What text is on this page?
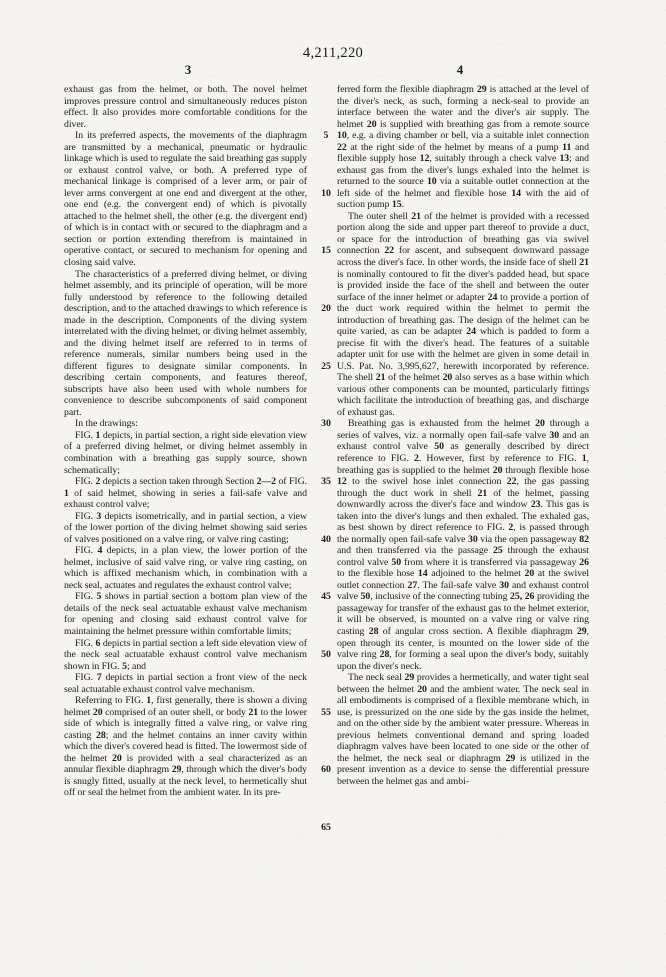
4,211,220
3	4
5
10
15
20
25
30
35
40
45
50
55
60
65

exhaust gas from the helmet, or both. The novel helmet improves pressure control and simultaneously reduces piston effect. It also provides more comfortable conditions for the diver.

In its preferred aspects, the movements of the diaphragm are transmitted by a mechanical, pneumatic or hydraulic linkage which is used to regulate the said breathing gas supply or exhaust control valve, or both. A preferred type of mechanical linkage is comprised of a lever arm, or pair of lever arms convergent at one end and divergent at the other, one end (e.g. the convergent end) of which is pivotally attached to the helmet shell, the other (e.g. the divergent end) of which is in contact with or secured to the diaphragm and a section or portion extending therefrom is maintained in operative contact, or secured to mechanism for opening and closing said valve.

The characteristics of a preferred diving helmet, or diving helmet assembly, and its principle of operation, will be more fully understood by reference to the following detailed description, and to the attached drawings to which reference is made in the description. Components of the diving system interrelated with the diving helmet, or diving helmet assembly, and the diving helmet itself are referred to in terms of reference numerals, similar numbers being used in the different figures to designate similar components. In describing certain components, and features thereof, subscripts have also been used with whole numbers for convenience to describe subcomponents of said component part.

In the drawings:

FIG. 1 depicts, in partial section, a right side elevation view of a preferred diving helmet, or diving helmet assembly in combination with a breathing gas supply source, shown schematically;

FIG. 2 depicts a section taken through Section 2—2 of FIG. 1 of said helmet, showing in series a fail-safe valve and exhaust control valve;

FIG. 3 depicts isometrically, and in partial section, a view of the lower portion of the diving helmet showing said series of valves positioned on a valve ring, or valve ring casting;

FIG. 4 depicts, in a plan view, the lower portion of the helmet, inclusive of said valve ring, or valve ring casting, on which is affixed mechanism which, in combination with a neck seal, actuates and regulates the exhaust control valve;

FIG. 5 shows in partial section a bottom plan view of the details of the neck seal actuatable exhaust valve mechanism for opening and closing said exhaust control valve for maintaining the helmet pressure within comfortable limits;

FIG. 6 depicts in partial section a left side elevation view of the neck seal actuatable exhaust control valve mechanism shown in FIG. 5; and

FIG. 7 depicts in partial section a front view of the neck seal actuatable exhaust control valve mechanism.

Referring to FIG. 1, first generally, there is shown a diving helmet 20 comprised of an outer shell, or body 21 to the lower side of which is integrally fitted a valve ring, or valve ring casting 28; and the helmet contains an inner cavity within which the diver's covered head is fitted. The lowermost side of the helmet 20 is provided with a seal characterized as an annular flexible diaphragm 29, through which the diver's body is snugly fitted, usually at the neck level, to hermetically shut off or seal the helmet from the ambient water. In its pre-

ferred form the flexible diaphragm 29 is attached at the level of the diver's neck, as such, forming a neck-seal to provide an interface between the water and the diver's air supply. The helmet 20 is supplied with breathing gas from a remote source 10, e.g. a diving chamber or bell, via a suitable inlet connection 22 at the right side of the helmet by means of a pump 11 and flexible supply hose 12, suitably through a check valve 13; and exhaust gas from the diver's lungs exhaled into the helmet is returned to the source 10 via a suitable outlet connection at the left side of the helmet and flexible hose 14 with the aid of suction pump 15.

The outer shell 21 of the helmet is provided with a recessed portion along the side and upper part thereof to provide a duct, or space for the introduction of breathing gas via swivel connection 22 for ascent, and subsequent downward passage across the diver's face. In other words, the inside face of shell 21 is nominally contoured to fit the diver's padded head, but space is provided inside the face of the shell and between the outer surface of the inner helmet or adapter 24 to provide a portion of the duct work required within the helmet to permit the introduction of breathing gas. The design of the helmet can be quite varied, as can be adapter 24 which is padded to form a precise fit with the diver's head. The features of a suitable adapter unit for use with the helmet are given in some detail in U.S. Pat. No. 3,995,627, herewith incorporated by reference. The shell 21 of the helmet 20 also serves as a base within which various other components can be mounted, particularly fittings which facilitate the introduction of breathing gas, and discharge of exhaust gas.

Breathing gas is exhausted from the helmet 20 through a series of valves, viz. a normally open fail-safe valve 30 and an exhaust control valve 50 as generally described by direct reference to FIG. 2. However, first by reference to FIG. 1, breathing gas is supplied to the helmet 20 through flexible hose 12 to the swivel hose inlet connection 22, the gas passing through the duct work in shell 21 of the helmet, passing downwardly across the diver's face and window 23. This gas is taken into the diver's lungs and then exhaled. The exhaled gas, as best shown by direct reference to FIG. 2, is passed through the normally open fail-safe valve 30 via the open passageway 82 and then transferred via the passage 25 through the exhaust control valve 50 from where it is transferred via passageway 26 to the flexible hose 14 adjoined to the helmet 20 at the swivel outlet connection 27. The fail-safe valve 30 and exhaust control valve 50, inclusive of the connecting tubing 25, 26 providing the passageway for transfer of the exhaust gas to the helmet exterior, it will be observed, is mounted on a valve ring or valve ring casting 28 of angular cross section. A flexible diaphragm 29, open through its center, is mounted on the lower side of the valve ring 28, for forming a seal upon the diver's body, suitably upon the diver's neck.

The neck seal 29 provides a hermetically, and water tight seal between the helmet 20 and the ambient water. The neck seal in all embodiments is comprised of a flexible membrane which, in use, is pressurized on the one side by the gas inside the helmet, and on the other side by the ambient water pressure. Whereas in previous helmets conventional demand and spring loaded diaphragm valves have been located to one side or the other of the helmet, the neck seal or diaphragm 29 is utilized in the present invention as a device to sense the differential pressure between the helmet gas and ambi-
